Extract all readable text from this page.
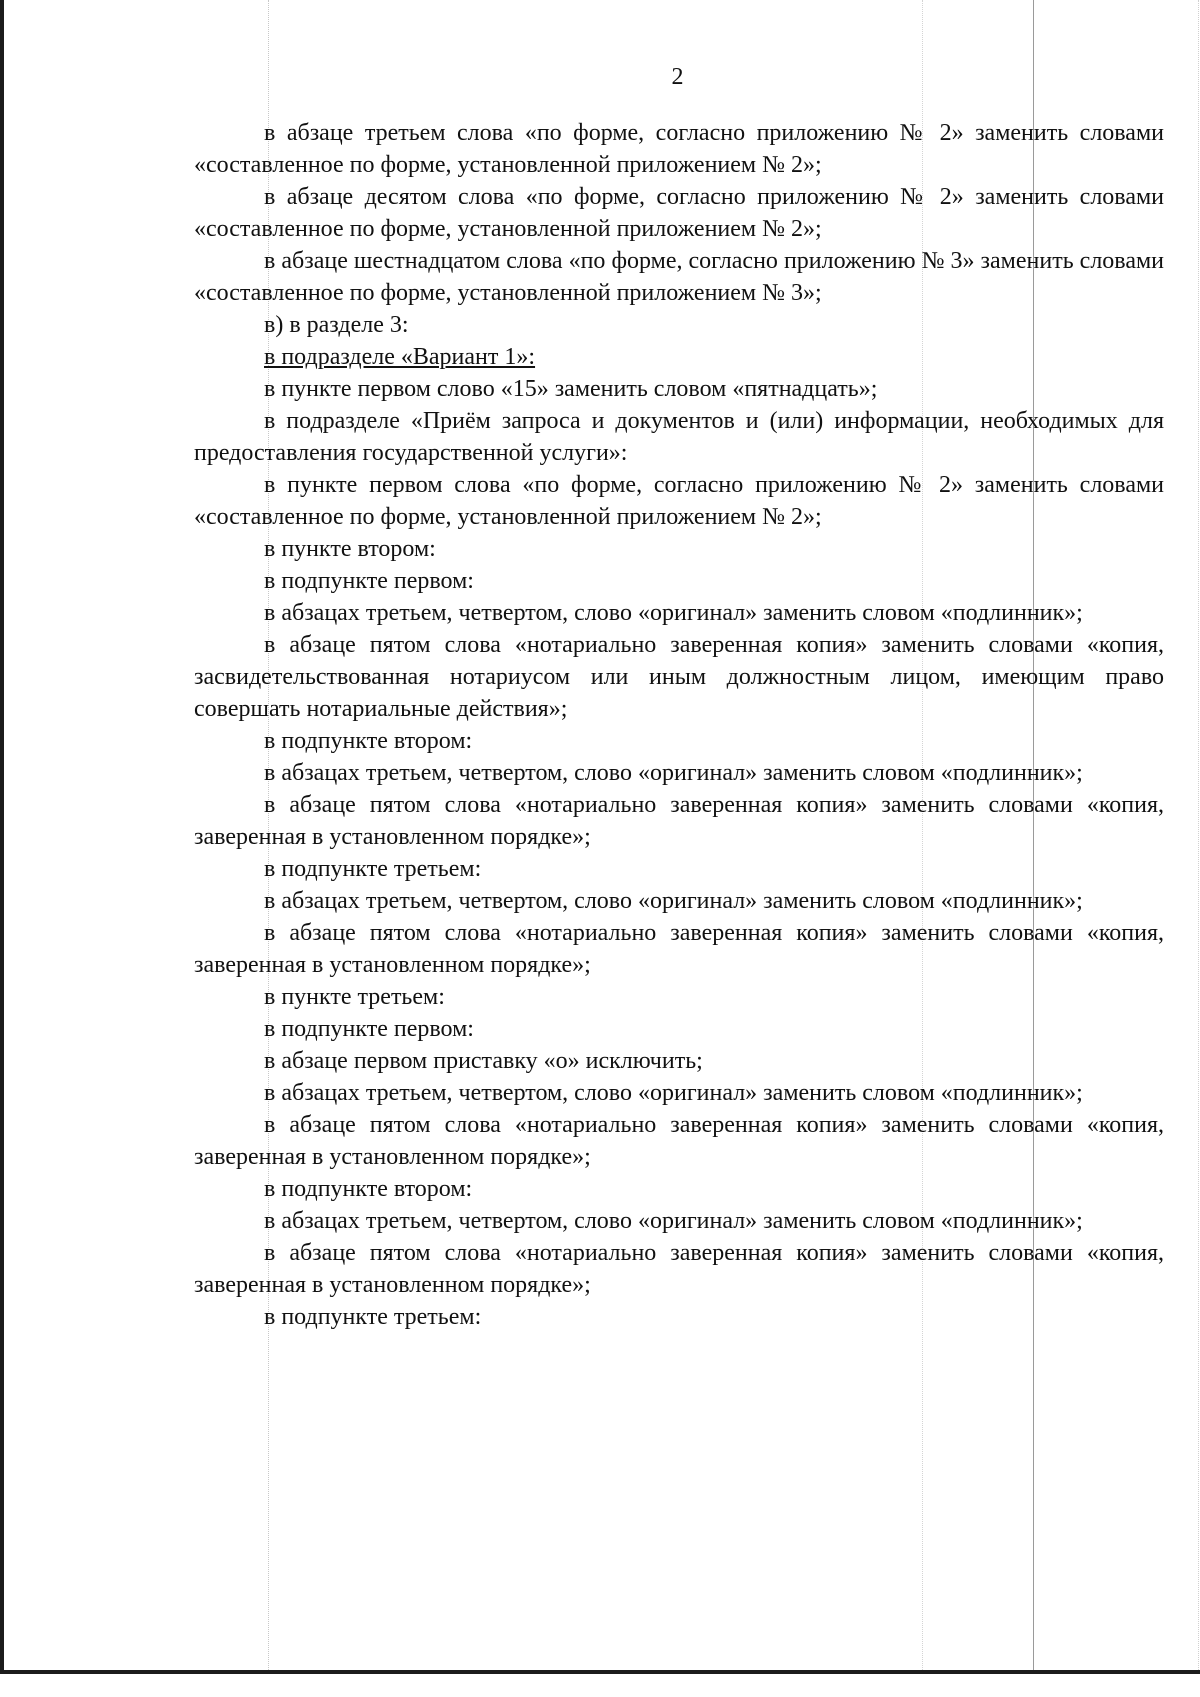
2

в абзаце третьем слова «по форме, согласно приложению № 2» заменить словами «составленное по форме, установленной приложением № 2»;

в абзаце десятом слова «по форме, согласно приложению № 2» заменить словами «составленное по форме, установленной приложением № 2»;

в абзаце шестнадцатом слова «по форме, согласно приложению № 3» заменить словами «составленное по форме, установленной приложением № 3»;

в) в разделе 3:

в подразделе «Вариант 1»:

в пункте первом слово «15» заменить словом «пятнадцать»;

в подразделе «Приём запроса и документов и (или) информации, необходимых для предоставления государственной услуги»:

в пункте первом слова «по форме, согласно приложению № 2» заменить словами «составленное по форме, установленной приложением № 2»;

в пункте втором:

в подпункте первом:

в абзацах третьем, четвертом, слово «оригинал» заменить словом «подлинник»;

в абзаце пятом слова «нотариально заверенная копия» заменить словами «копия, засвидетельствованная нотариусом или иным должностным лицом, имеющим право совершать нотариальные действия»;

в подпункте втором:

в абзацах третьем, четвертом, слово «оригинал» заменить словом «подлинник»;

в абзаце пятом слова «нотариально заверенная копия» заменить словами «копия, заверенная в установленном порядке»;

в подпункте третьем:

в абзацах третьем, четвертом, слово «оригинал» заменить словом «подлинник»;

в абзаце пятом слова «нотариально заверенная копия» заменить словами «копия, заверенная в установленном порядке»;

в пункте третьем:

в подпункте первом:

в абзаце первом приставку «о» исключить;

в абзацах третьем, четвертом, слово «оригинал» заменить словом «подлинник»;

в абзаце пятом слова «нотариально заверенная копия» заменить словами «копия, заверенная в установленном порядке»;

в подпункте втором:

в абзацах третьем, четвертом, слово «оригинал» заменить словом «подлинник»;

в абзаце пятом слова «нотариально заверенная копия» заменить словами «копия, заверенная в установленном порядке»;

в подпункте третьем:
